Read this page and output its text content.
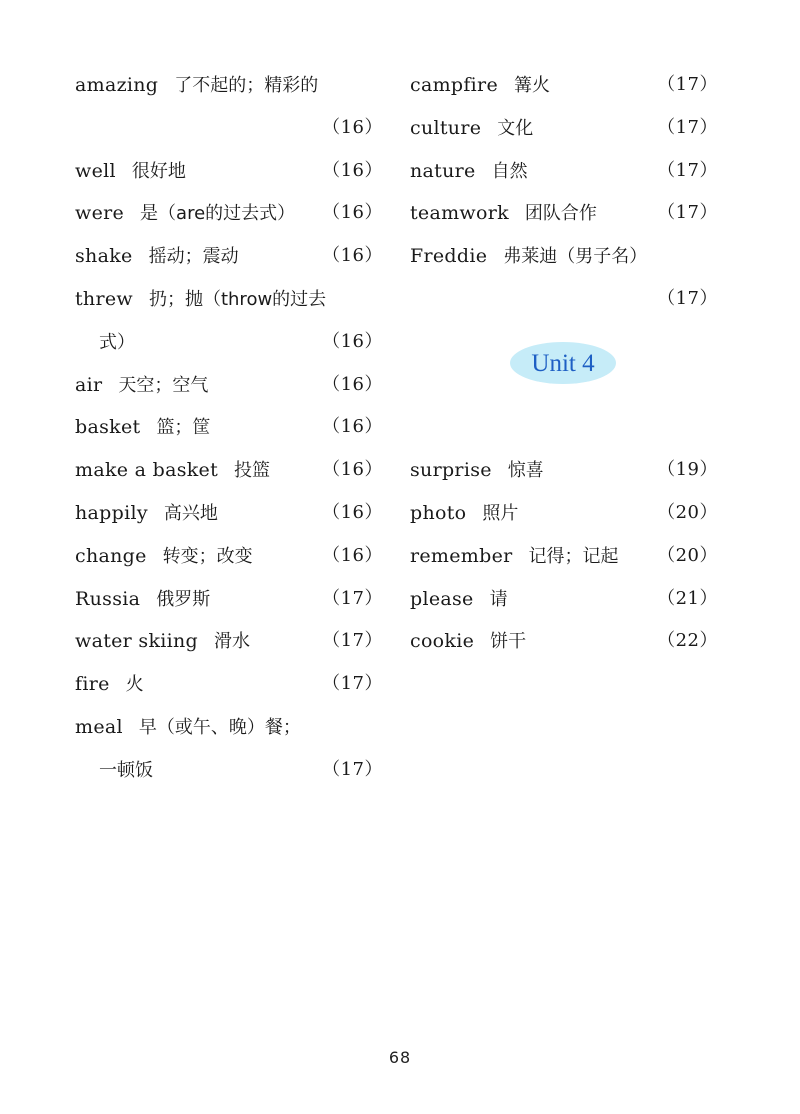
amazing 了不起的；精彩的
（16）
well 很好地	（16）
were 是（are的过去式） （16）
shake 摇动；震动	（16）
threw 扔；抛（throw的过去
式）	（16）
air 天空；空气	（16）
basket 篮；筐	（16）
make a basket 投篮	（16）
happily 高兴地	（16）
change 转变；改变	（16）
Russia 俄罗斯	（17）
water skiing 滑水	（17）
fire 火	（17）
meal 早（或午、晚）餐；
一顿饭	（17）
campfire 篝火	（17）
culture 文化	（17）
nature 自然	（17）
teamwork 团队合作	（17）
Freddie 弗莱迪（男子名）
（17）
Unit 4
surprise 惊喜	（19）
photo 照片	（20）
remember 记得；记起 （20）
please 请	（21）
cookie 饼干	（22）
68
